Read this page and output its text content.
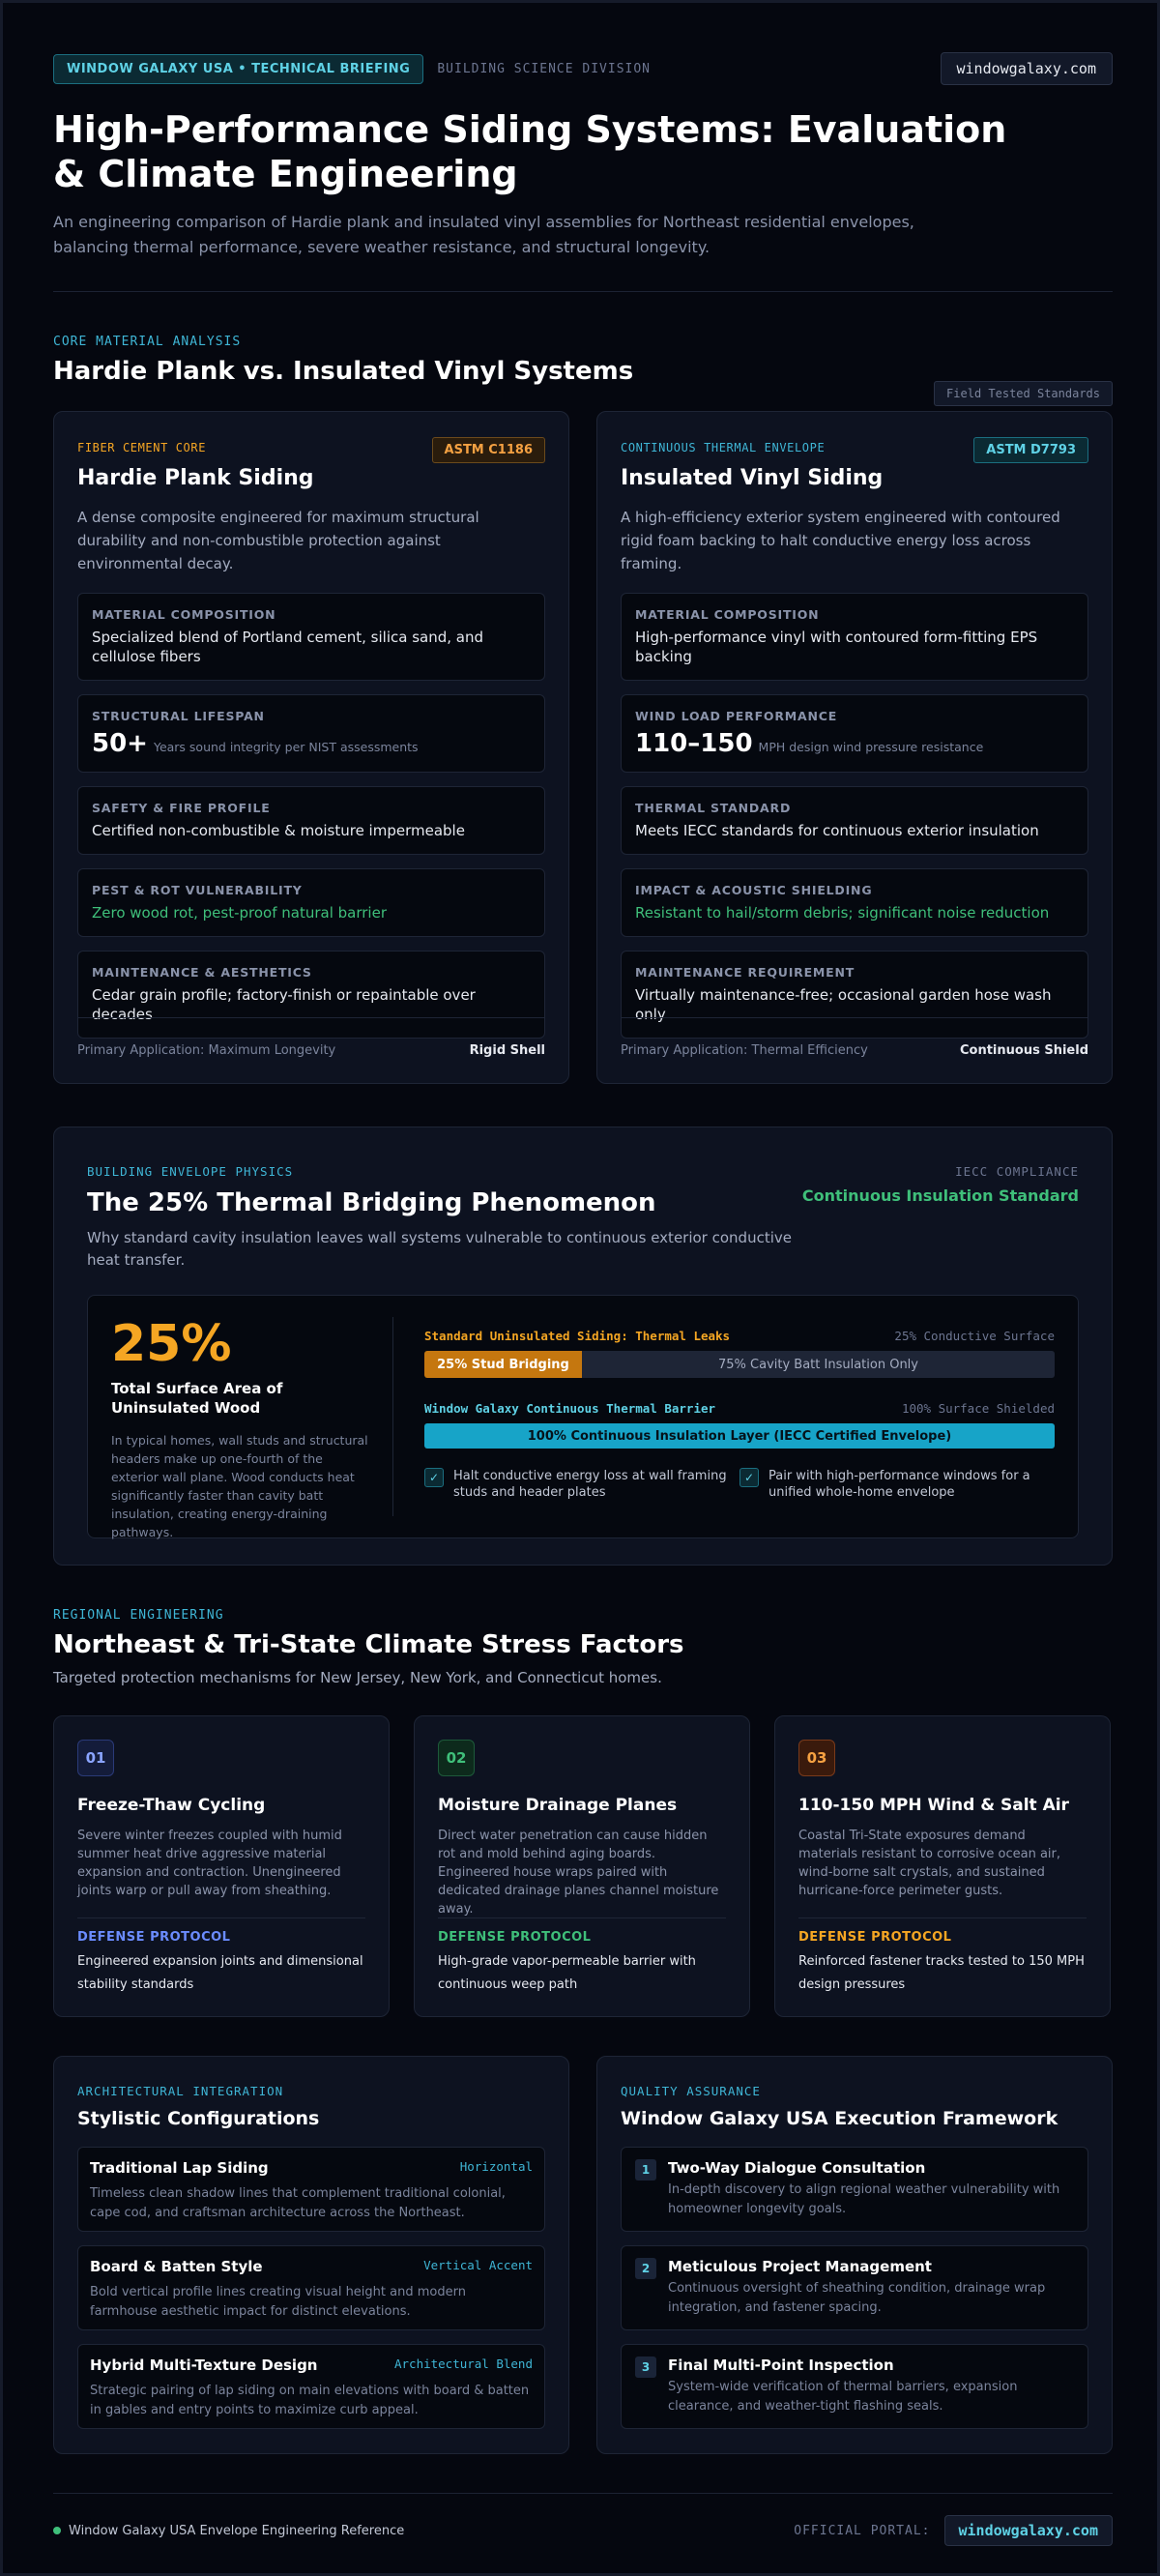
WINDOW GALAXY USA • TECHNICAL BRIEFING	BUILDING SCIENCE DIVISION	windowgalaxy.com
High-Performance Siding Systems: Evaluation & Climate Engineering
An engineering comparison of Hardie plank and insulated vinyl assemblies for Northeast residential envelopes, balancing thermal performance, severe weather resistance, and structural longevity.
CORE MATERIAL ANALYSIS
Hardie Plank vs. Insulated Vinyl Systems
Field Tested Standards
FIBER CEMENT CORE	ASTM C1186
Hardie Plank Siding
A dense composite engineered for maximum structural durability and non-combustible protection against environmental decay.
MATERIAL COMPOSITION
Specialized blend of Portland cement, silica sand, and cellulose fibers
STRUCTURAL LIFESPAN
50+ Years sound integrity per NIST assessments
SAFETY & FIRE PROFILE
Certified non-combustible & moisture impermeable
PEST & ROT VULNERABILITY
Zero wood rot, pest-proof natural barrier
MAINTENANCE & AESTHETICS
Cedar grain profile; factory-finish or repaintable over decades
Primary Application: Maximum Longevity	Rigid Shell
CONTINUOUS THERMAL ENVELOPE	ASTM D7793
Insulated Vinyl Siding
A high-efficiency exterior system engineered with contoured rigid foam backing to halt conductive energy loss across framing.
MATERIAL COMPOSITION
High-performance vinyl with contoured form-fitting EPS backing
WIND LOAD PERFORMANCE
110–150 MPH design wind pressure resistance
THERMAL STANDARD
Meets IECC standards for continuous exterior insulation
IMPACT & ACOUSTIC SHIELDING
Resistant to hail/storm debris; significant noise reduction
MAINTENANCE REQUIREMENT
Virtually maintenance-free; occasional garden hose wash only
Primary Application: Thermal Efficiency	Continuous Shield
BUILDING ENVELOPE PHYSICS
The 25% Thermal Bridging Phenomenon
Why standard cavity insulation leaves wall systems vulnerable to continuous exterior conductive heat transfer.
IECC COMPLIANCE
Continuous Insulation Standard
25%
Total Surface Area of Uninsulated Wood
In typical homes, wall studs and structural headers make up one-fourth of the exterior wall plane. Wood conducts heat significantly faster than cavity batt insulation, creating energy-draining pathways.
Standard Uninsulated Siding: Thermal Leaks	25% Conductive Surface
25% Stud Bridging	75% Cavity Batt Insulation Only
Window Galaxy Continuous Thermal Barrier	100% Surface Shielded
100% Continuous Insulation Layer (IECC Certified Envelope)
✓	Halt conductive energy loss at wall framing studs and header plates
✓	Pair with high-performance windows for a unified whole-home envelope
REGIONAL ENGINEERING
Northeast & Tri-State Climate Stress Factors
Targeted protection mechanisms for New Jersey, New York, and Connecticut homes.
01
Freeze-Thaw Cycling
Severe winter freezes coupled with humid summer heat drive aggressive material expansion and contraction. Unengineered joints warp or pull away from sheathing.
DEFENSE PROTOCOL
Engineered expansion joints and dimensional stability standards
02
Moisture Drainage Planes
Direct water penetration can cause hidden rot and mold behind aging boards. Engineered house wraps paired with dedicated drainage planes channel moisture away.
DEFENSE PROTOCOL
High-grade vapor-permeable barrier with continuous weep path
03
110-150 MPH Wind & Salt Air
Coastal Tri-State exposures demand materials resistant to corrosive ocean air, wind-borne salt crystals, and sustained hurricane-force perimeter gusts.
DEFENSE PROTOCOL
Reinforced fastener tracks tested to 150 MPH design pressures
ARCHITECTURAL INTEGRATION
Stylistic Configurations
Traditional Lap Siding	Horizontal
Timeless clean shadow lines that complement traditional colonial, cape cod, and craftsman architecture across the Northeast.
Board & Batten Style	Vertical Accent
Bold vertical profile lines creating visual height and modern farmhouse aesthetic impact for distinct elevations.
Hybrid Multi-Texture Design	Architectural Blend
Strategic pairing of lap siding on main elevations with board & batten in gables and entry points to maximize curb appeal.
QUALITY ASSURANCE
Window Galaxy USA Execution Framework
1	Two-Way Dialogue Consultation
In-depth discovery to align regional weather vulnerability with homeowner longevity goals.
2	Meticulous Project Management
Continuous oversight of sheathing condition, drainage wrap integration, and fastener spacing.
3	Final Multi-Point Inspection
System-wide verification of thermal barriers, expansion clearance, and weather-tight flashing seals.
Window Galaxy USA Envelope Engineering Reference	OFFICIAL PORTAL:	windowgalaxy.com
